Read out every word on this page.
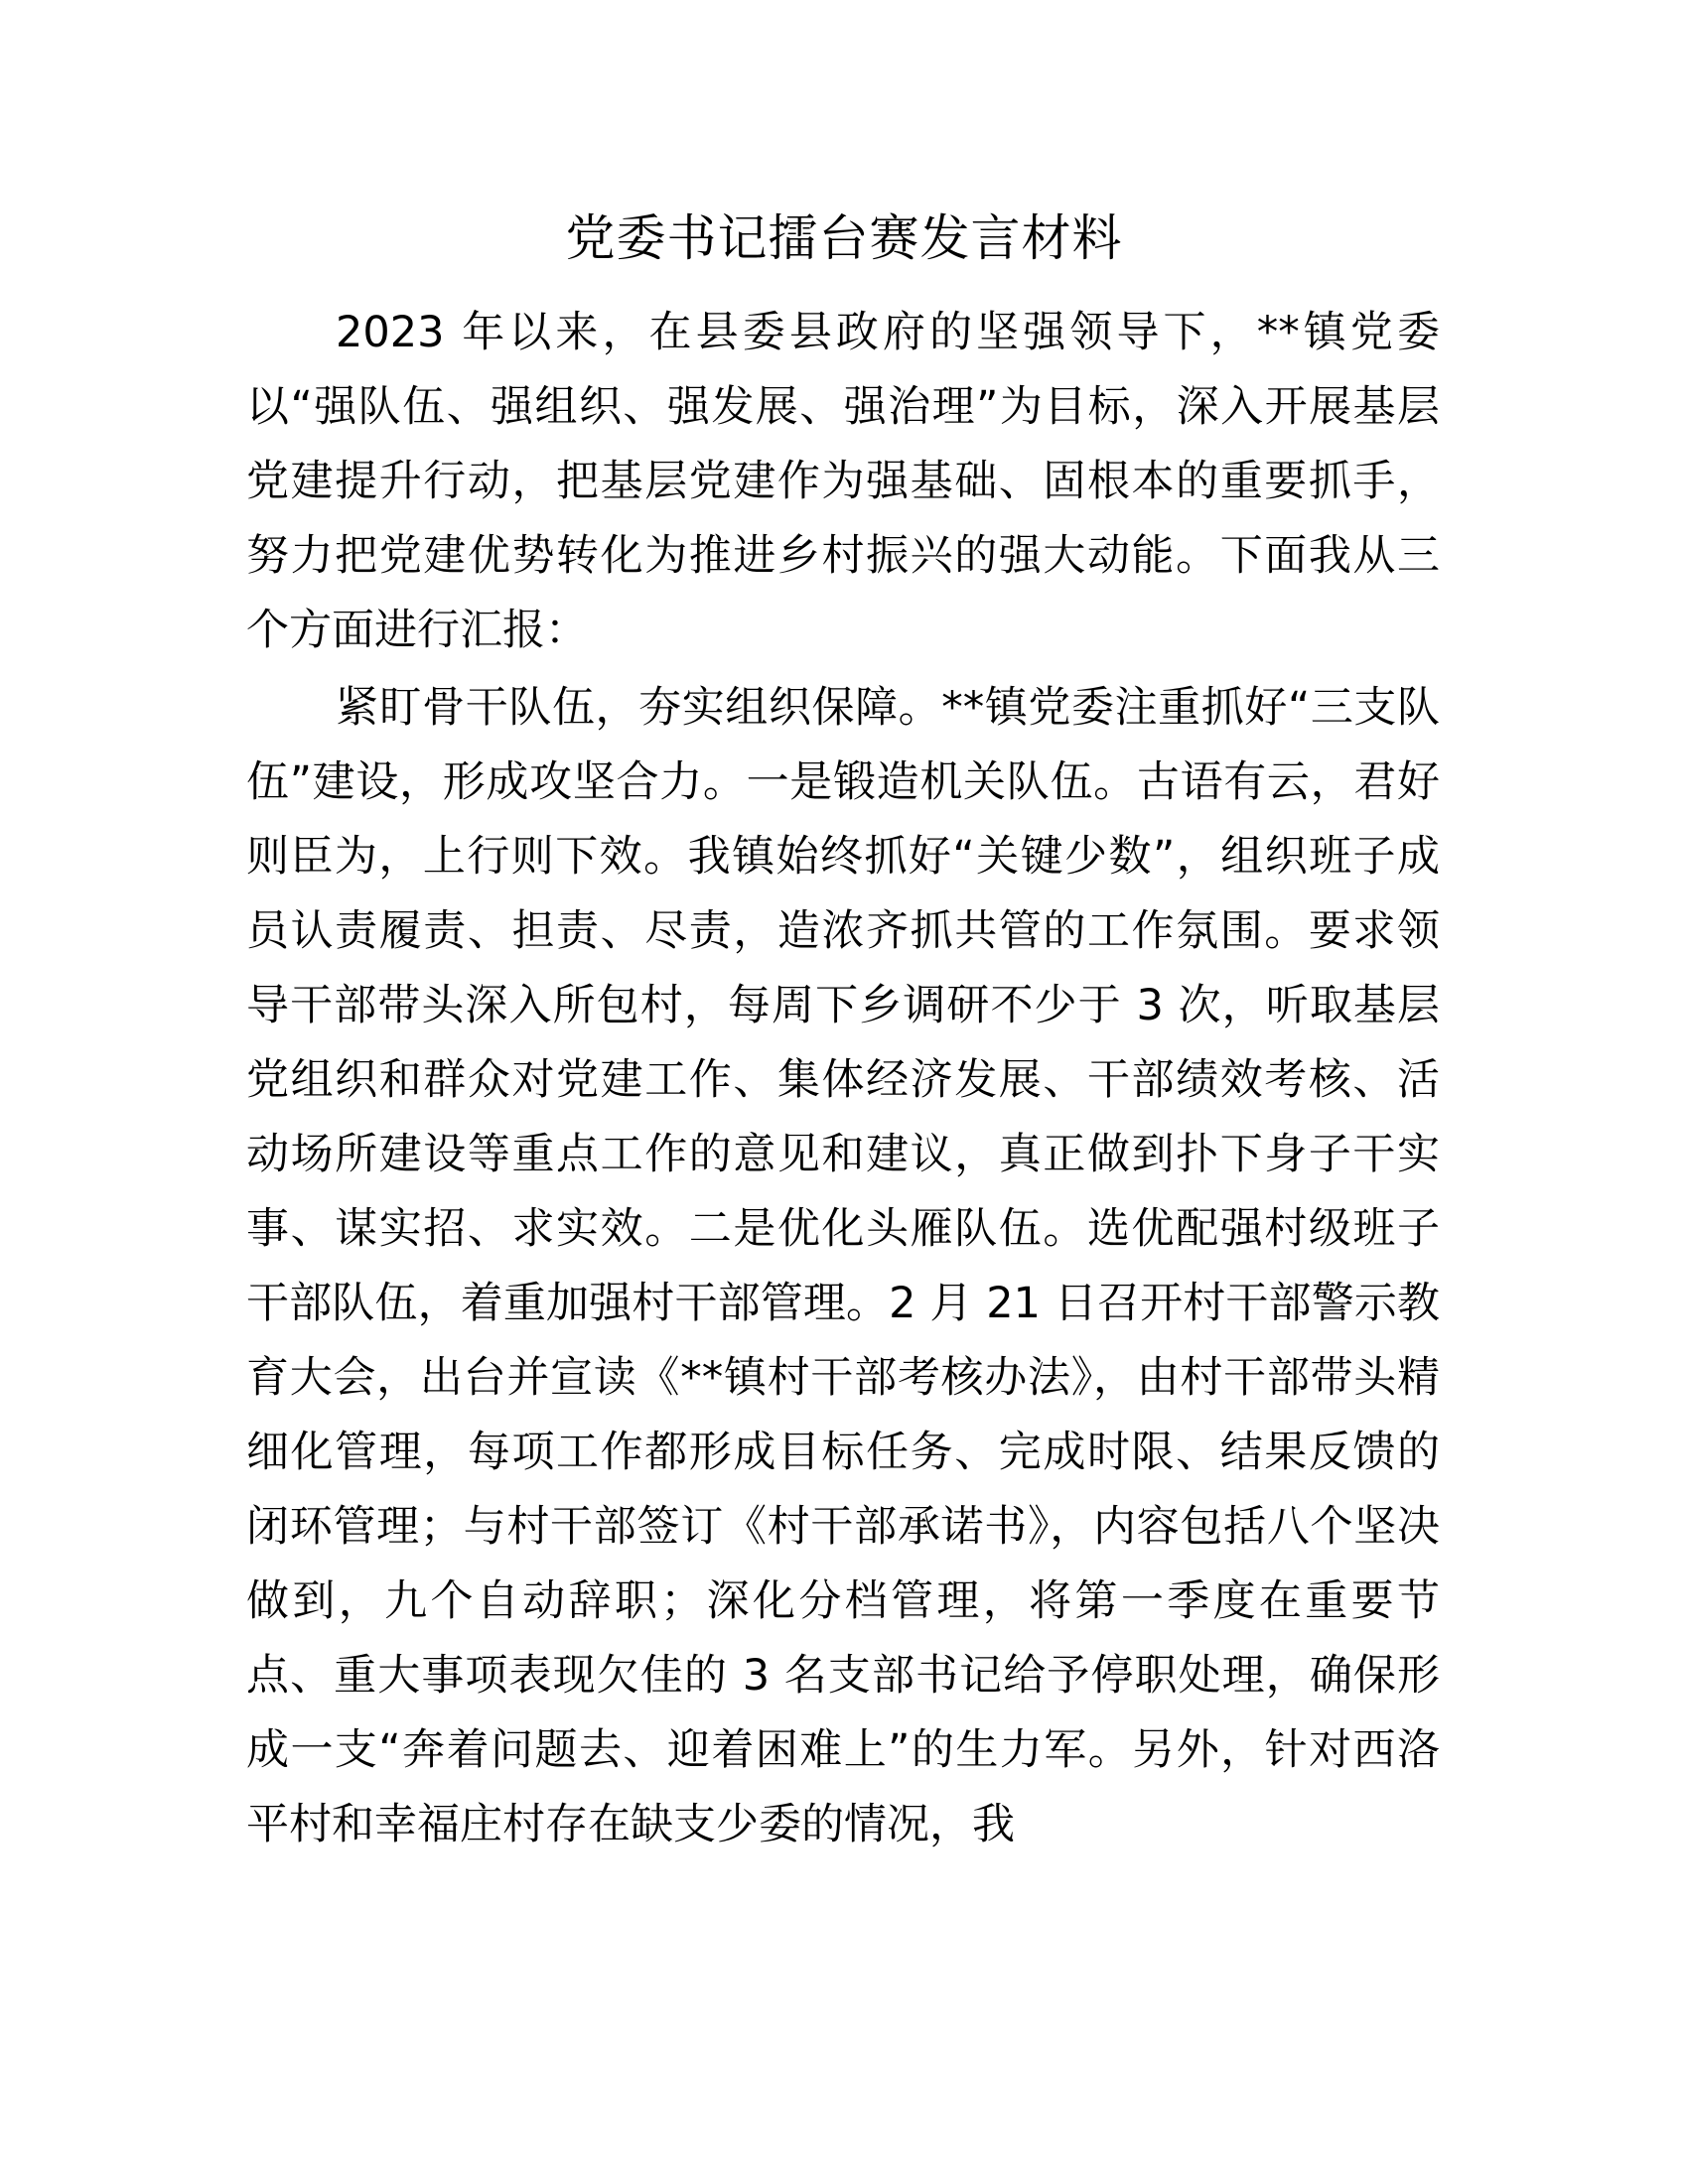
党委书记擂台赛发言材料

2023 年以来，在县委县政府的坚强领导下，**镇党委以“强队伍、强组织、强发展、强治理”为目标，深入开展基层党建提升行动，把基层党建作为强基础、固根本的重要抓手，努力把党建优势转化为推进乡村振兴的强大动能。下面我从三个方面进行汇报：

紧盯骨干队伍，夯实组织保障。**镇党委注重抓好“三支队伍”建设，形成攻坚合力。一是锻造机关队伍。古语有云，君好则臣为，上行则下效。我镇始终抓好“关键少数”，组织班子成员认责履责、担责、尽责，造浓齐抓共管的工作氛围。要求领导干部带头深入所包村，每周下乡调研不少于 3 次，听取基层党组织和群众对党建工作、集体经济发展、干部绩效考核、活动场所建设等重点工作的意见和建议，真正做到扑下身子干实事、谋实招、求实效。二是优化头雁队伍。选优配强村级班子干部队伍，着重加强村干部管理。2 月 21 日召开村干部警示教育大会，出台并宣读《**镇村干部考核办法》，由村干部带头精细化管理，每项工作都形成目标任务、完成时限、结果反馈的闭环管理；与村干部签订《村干部承诺书》，内容包括八个坚决做到，九个自动辞职；深化分档管理，将第一季度在重要节点、重大事项表现欠佳的 3 名支部书记给予停职处理，确保形成一支“奔着问题去、迎着困难上”的生力军。另外，针对西洛平村和幸福庄村存在缺支少委的情况，我
